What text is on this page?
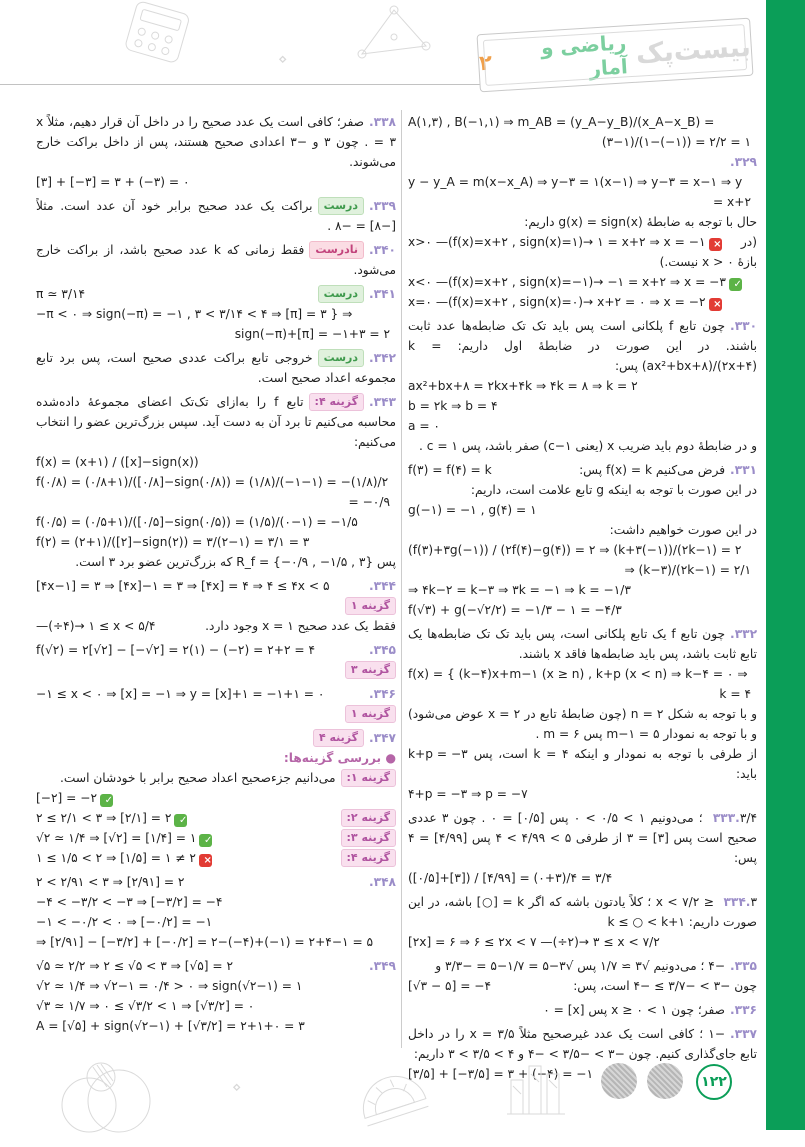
⋄	بیست‌پک
ریاضی و آمار
۲
A(۱,۳) , B(−۱,۱) ⇒ m_AB = (y_A−y_B)/(x_A−x_B) = (۳−۱)/(۱−(−۱)) = ۲/۲ = ۱
۳۲۹.
y − y_A = m(x−x_A) ⇒ y−۳ = ۱(x−۱) ⇒ y−۳ = x−۱ ⇒ y = x+۲
حال با توجه به ضابطهٔ g(x) = sign(x) داریم:
x>۰ —(f(x)=x+۲ , sign(x)=۱)→ ۱ = x+۲ ⇒ x = −۱ × (در بازهٔ ۰ < x نیست.)
x<۰ —(f(x)=x+۲ , sign(x)=−۱)→ −۱ = x+۲ ⇒ x = −۳ ✓
x=۰ —(f(x)=x+۲ , sign(x)=۰)→ x+۲ = ۰ ⇒ x = −۲ ×
۳۳۰.چون تابع f پلکانی است پس باید تک تک ضابطه‌ها عدد ثابت باشند. در این صورت در ضابطهٔ اول داریم: k = (ax²+bx+۸)/(۲x+۴) پس:
ax²+bx+۸ = ۲kx+۴k ⇒ ۴k = ۸ ⇒ k = ۲
b = ۲k ⇒ b = ۴
a = ۰
و در ضابطهٔ دوم باید ضریب x (یعنی c−۱) صفر باشد، پس c = ۱ .
f(۳) = f(۴) = k	۳۳۱.فرض می‌کنیم f(x) = k پس:
در این صورت با توجه به اینکه g تابع علامت است، داریم:
g(−۱) = −۱ , g(۴) = ۱
در این صورت خواهیم داشت:
(f(۳)+۳g(−۱)) / (۲f(۴)−g(۴)) = ۲ ⇒ (k+۳(−۱))/(۲k−۱) = ۲ ⇒ (k−۳)/(۲k−۱) = ۲/۱
⇒ ۴k−۲ = k−۳ ⇒ ۳k = −۱ ⇒ k = −۱/۳
f(√۳) + g(−√۲/۲) = −۱/۳ − ۱ = −۴/۳
۳۳۲.چون تابع f یک تابع پلکانی است، پس باید تک تک ضابطه‌ها یک تابع ثابت باشد، پس باید ضابطه‌ها فاقد x باشند.
f(x) = { (k−۴)x+m−۱ (x ≥ n) , k+p (x < n) ⇒ k−۴ = ۰ ⇒ k = ۴
و با توجه به شکل n = ۲ (چون ضابطهٔ تابع در x = ۲ عوض می‌شود) و با توجه به نمودار m−۱ = ۵ پس m = ۶ .
k+p = −۳ از طرفی با توجه به نمودار و اینکه k = ۴ است، پس باید:
۴+p = −۳ ⇒ p = −۷
۳۳۳.۳/۴ ؛ می‌دونیم ۱ > ۰/۵ > ۰ پس [۰/۵] = ۰ . چون ۳ عددی صحیح است پس [۳] = ۳ از طرفی ۵ > ۴/۹۹ > ۴ پس [۴/۹۹] = ۴ پس:
([۰/۵]+[۳]) / [۴/۹۹] = (۰+۳)/۴ = ۳/۴
۳۳۴.۳ ≤ x < ۷/۲ ؛ کلاً یادتون باشه که اگر k = [○] باشه، در این صورت داریم: k ≤ ○ < k+۱
[۲x] = ۶ ⇒ ۶ ≤ ۲x < ۷ —(÷۲)→ ۳ ≤ x < ۷/۲
۳۳۵.−۴ ؛ می‌دونیم √۳ ≃ ۱/۷ پس √۳−۵ = ۱/۷−۵ = −۳/۳ و
[√۳ − ۵] = −۴	چون −۳ > −۳/۷ ≥ −۴ است، پس:
۳۳۶.صفر؛ چون ۱ > x ≥ ۰ پس [x] = ۰
۳۳۷.−۱ ؛ کافی است یک عدد غیرصحیح مثلاً x = ۳/۵ را در داخل تابع جای‌گذاری کنیم. چون −۳ > −۳/۵ > −۴ و ۴ > ۳/۵ > ۳ داریم:
[۳/۵] + [−۳/۵] = ۳ + (−۴) = −۱
۳۳۸.صفر؛ کافی است یک عدد صحیح را در داخل آن قرار دهیم، مثلاً x = ۳ . چون ۳ و −۳ اعدادی صحیح هستند، پس از داخل براکت خارج می‌شوند.
[۳] + [−۳] = ۳ + (−۳) = ۰
۳۳۹.درستبراکت یک عدد صحیح برابر خود آن عدد است. مثلاً [−۸] = −۸ .
۳۴۰.نادرستفقط زمانی که k عدد صحیح باشد، از براکت خارج می‌شود.
π ≃ ۳/۱۴	۳۴۱.درست
−π < ۰ ⇒ sign(−π) = −۱ , ۳ < ۳/۱۴ < ۴ ⇒ [π] = ۳ } ⇒ sign(−π)+[π] = −۱+۳ = ۲
۳۴۲.درستخروجی تابع براکت عددی صحیح است، پس برد تابع مجموعه اعداد صحیح است.
۳۴۳.گزینه ۴:تابع f را به‌ازای تک‌تک اعضای مجموعهٔ داده‌شده محاسبه می‌کنیم تا برد آن به دست آید. سپس بزرگ‌ترین عضو را انتخاب می‌کنیم:
f(x) = (x+۱) / ([x]−sign(x))
f(۰/۸) = (۰/۸+۱)/([۰/۸]−sign(۰/۸)) = (۱/۸)/(−۱−۱) = −(۱/۸)/۲ = −۰/۹
f(۰/۵) = (۰/۵+۱)/([۰/۵]−sign(۰/۵)) = (۱/۵)/(۰−۱) = −۱/۵
f(۲) = (۲+۱)/([۲]−sign(۲)) = ۳/(۲−۱) = ۳/۱ = ۳
پس R_f = {−۰/۹ , −۱/۵ , ۳} که بزرگ‌ترین عضو برد ۳ است.
[۴x−۱] = ۳ ⇒ [۴x]−۱ = ۳ ⇒ [۴x] = ۴ ⇒ ۴ ≤ ۴x < ۵	۳۴۴.گزینه ۱
—(÷۴)→ ۱ ≤ x < ۵/۴	فقط یک عدد صحیح x = ۱ وجود دارد.
f(√۲) = ۲[√۲] − [−√۲] = ۲(۱) − (−۲) = ۲+۲ = ۴	۳۴۵.گزینه ۳
−۱ ≤ x < ۰ ⇒ [x] = −۱ ⇒ y = [x]+۱ = −۱+۱ = ۰	۳۴۶.گزینه ۱
۳۴۷.گزینه ۴
● بررسی گزینه‌ها:
گزینه ۱:می‌دانیم جزءصحیح اعداد صحیح برابر با خودشان است.
[−۲] = −۲ ✓
۲ ≤ ۲/۱ < ۳ ⇒ [۲/۱] = ۲ ✓	گزینه ۲:
√۲ ≃ ۱/۴ ⇒ [√۲] = [۱/۴] = ۱ ✓	گزینه ۳:
۱ ≤ ۱/۵ < ۲ ⇒ [۱/۵] = ۱ ≠ ۲ ×	گزینه ۴:
۲ < ۲/۹۱ < ۳ ⇒ [۲/۹۱] = ۲	۳۴۸.
−۴ < −۳/۲ < −۳ ⇒ [−۳/۲] = −۴
−۱ < −۰/۲ < ۰ ⇒ [−۰/۲] = −۱
⇒ [۲/۹۱] − [−۳/۲] + [−۰/۲] = ۲−(−۴)+(−۱) = ۲+۴−۱ = ۵
√۵ ≃ ۲/۲ ⇒ ۲ ≤ √۵ < ۳ ⇒ [√۵] = ۲	۳۴۹.
√۲ ≃ ۱/۴ ⇒ √۲−۱ = ۰/۴ > ۰ ⇒ sign(√۲−۱) = ۱
√۳ ≃ ۱/۷ ⇒ ۰ ≤ √۳/۲ < ۱ ⇒ [√۳/۲] = ۰
A = [√۵] + sign(√۲−۱) + [√۳/۲] = ۲+۱+۰ = ۳
⋄	۱۲۲
